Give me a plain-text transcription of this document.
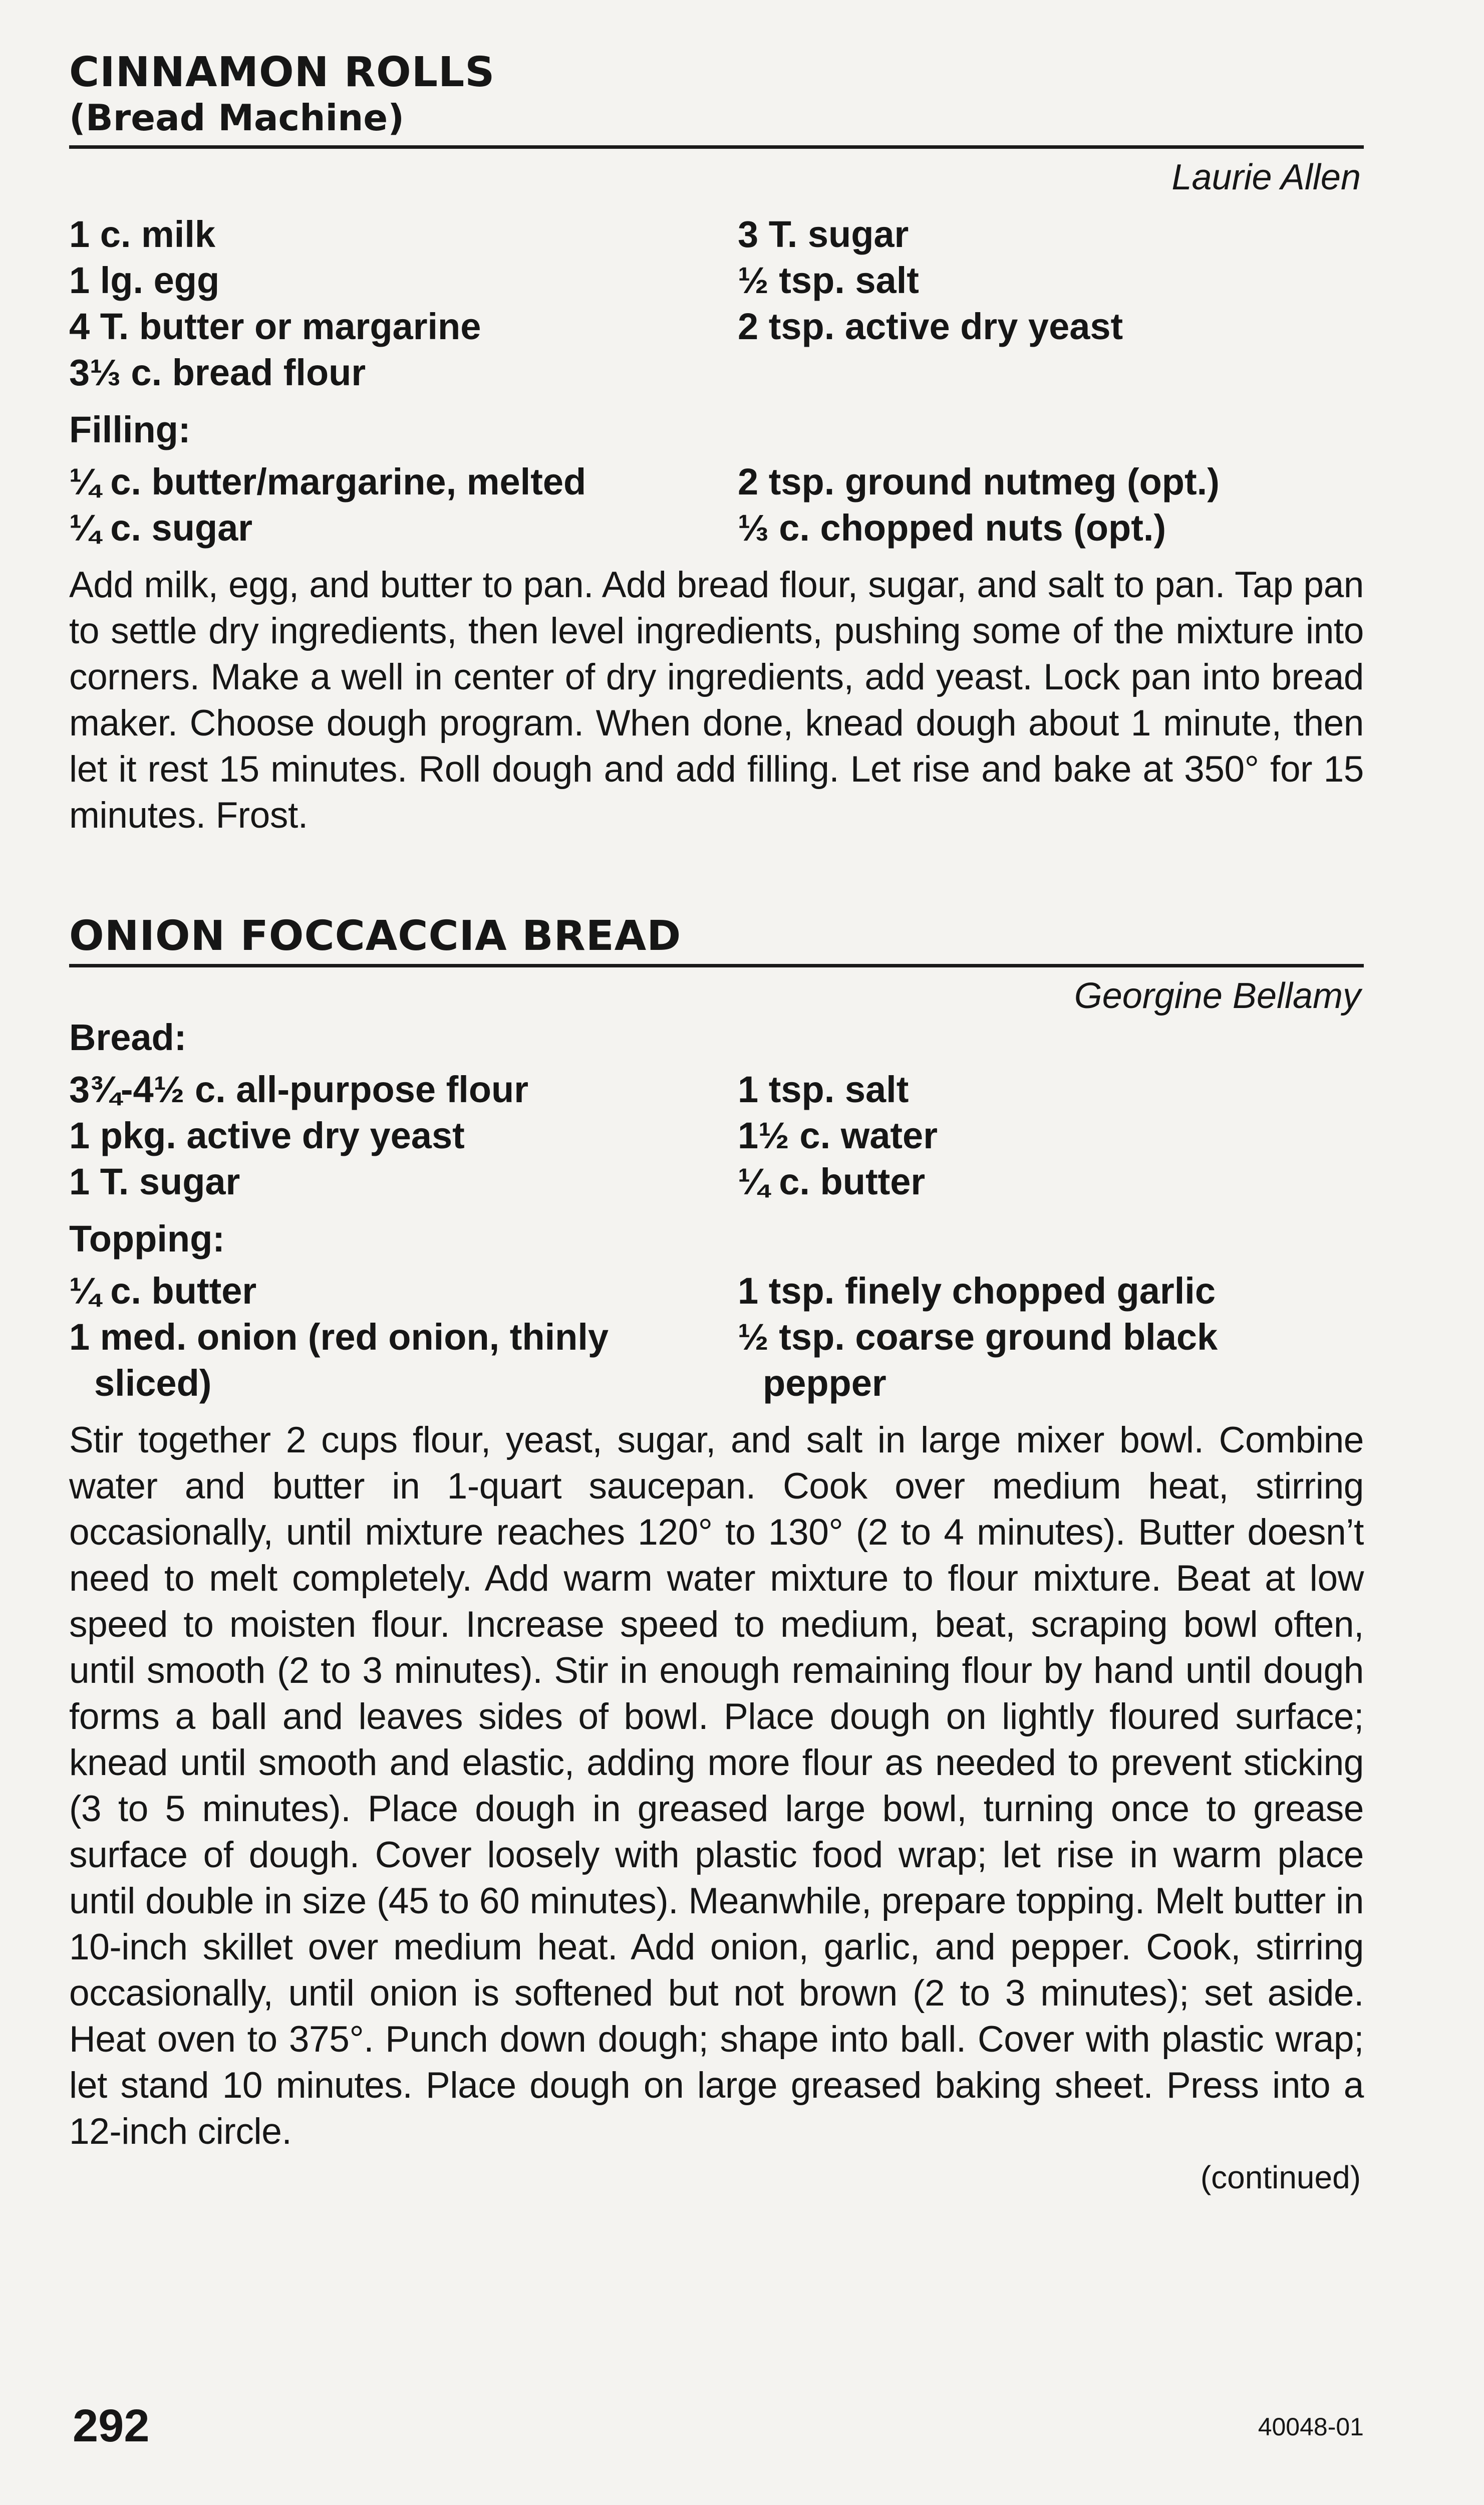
CINNAMON ROLLS
(Bread Machine)
Laurie Allen
1 c. milk
1 lg. egg
4 T. butter or margarine
3⅓ c. bread flour
3 T. sugar
½ tsp. salt
2 tsp. active dry yeast
Filling:
¼ c. butter/margarine, melted
¼ c. sugar
2 tsp. ground nutmeg (opt.)
⅓ c. chopped nuts (opt.)

Add milk, egg, and butter to pan. Add bread flour, sugar, and salt to pan. Tap pan to settle dry ingredients, then level ingredients, pushing some of the mixture into corners. Make a well in center of dry ingredients, add yeast. Lock pan into bread maker. Choose dough program. When done, knead dough about 1 minute, then let it rest 15 minutes. Roll dough and add filling. Let rise and bake at 350° for 15 minutes. Frost.

ONION FOCCACCIA BREAD
Georgine Bellamy
Bread:
3¾-4½ c. all-purpose flour
1 pkg. active dry yeast
1 T. sugar
1 tsp. salt
1½ c. water
¼ c. butter
Topping:
¼ c. butter
1 med. onion (red onion, thinly
sliced)
1 tsp. finely chopped garlic
½ tsp. coarse ground black
pepper

Stir together 2 cups flour, yeast, sugar, and salt in large mixer bowl. Combine water and butter in 1-quart saucepan. Cook over medium heat, stirring occasionally, until mixture reaches 120° to 130° (2 to 4 minutes). Butter doesn’t need to melt completely. Add warm water mixture to flour mixture. Beat at low speed to moisten flour. Increase speed to medium, beat, scraping bowl often, until smooth (2 to 3 minutes). Stir in enough remaining flour by hand until dough forms a ball and leaves sides of bowl. Place dough on lightly floured surface; knead until smooth and elastic, adding more flour as needed to prevent sticking (3 to 5 minutes). Place dough in greased large bowl, turning once to grease surface of dough. Cover loosely with plastic food wrap; let rise in warm place until double in size (45 to 60 minutes). Meanwhile, prepare topping. Melt butter in 10-inch skillet over medium heat. Add onion, garlic, and pepper. Cook, stirring occasionally, until onion is softened but not brown (2 to 3 minutes); set aside. Heat oven to 375°. Punch down dough; shape into ball. Cover with plastic wrap; let stand 10 minutes. Place dough on large greased baking sheet. Press into a 12-inch circle.

(continued)
292	40048-01
